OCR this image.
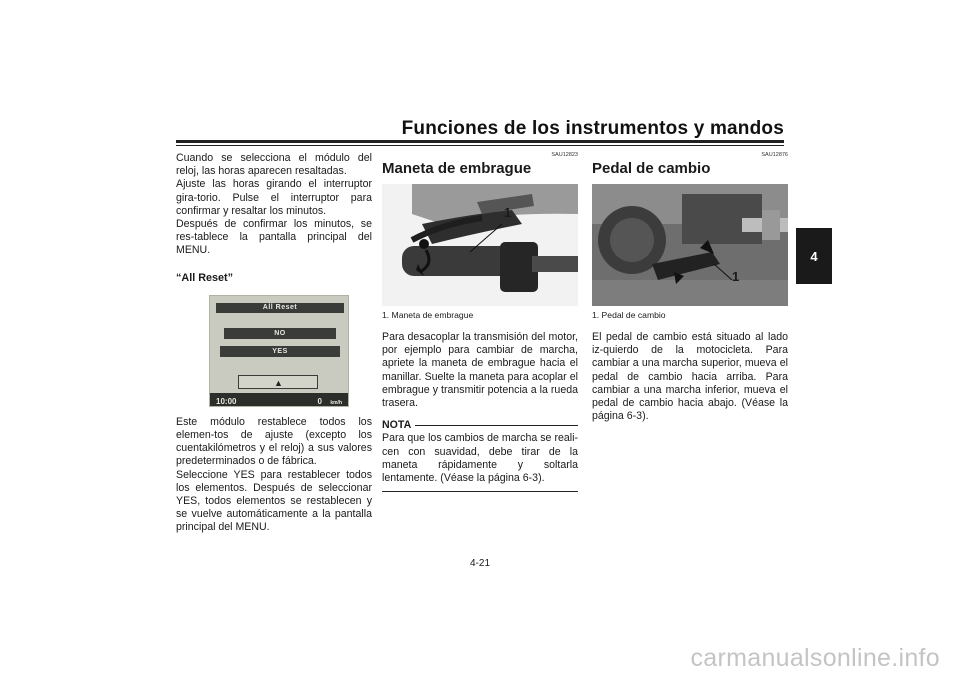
Funciones de los instrumentos y mandos
4

Cuando se selecciona el módulo del reloj, las horas aparecen resaltadas.

Ajuste las horas girando el interruptor gira-torio. Pulse el interruptor para confirmar y resaltar los minutos.

Después de confirmar los minutos, se res-tablece la pantalla principal del MENU.

“All Reset”

All Reset
NO
YES
▲
10:00	0 km/h

Este módulo restablece todos los elemen-tos de ajuste (excepto los cuentakilómetros y el reloj) a sus valores predeterminados o de fábrica.

Seleccione YES para restablecer todos los elementos. Después de seleccionar YES, todos elementos se restablecen y se vuelve automáticamente a la pantalla principal del MENU.

SAU12823
Maneta de embrague
1
1. Maneta de embrague

Para desacoplar la transmisión del motor, por ejemplo para cambiar de marcha, apriete la maneta de embrague hacia el manillar. Suelte la maneta para acoplar el embrague y transmitir potencia a la rueda trasera.

NOTA

Para que los cambios de marcha se reali-cen con suavidad, debe tirar de la maneta rápidamente y soltarla lentamente. (Véase la página 6-3).

SAU12876
Pedal de cambio
1
1. Pedal de cambio

El pedal de cambio está situado al lado iz-quierdo de la motocicleta. Para cambiar a una marcha superior, mueva el pedal de cambio hacia arriba. Para cambiar a una marcha inferior, mueva el pedal de cambio hacia abajo. (Véase la página 6-3).

4-21
carmanualsonline.info
